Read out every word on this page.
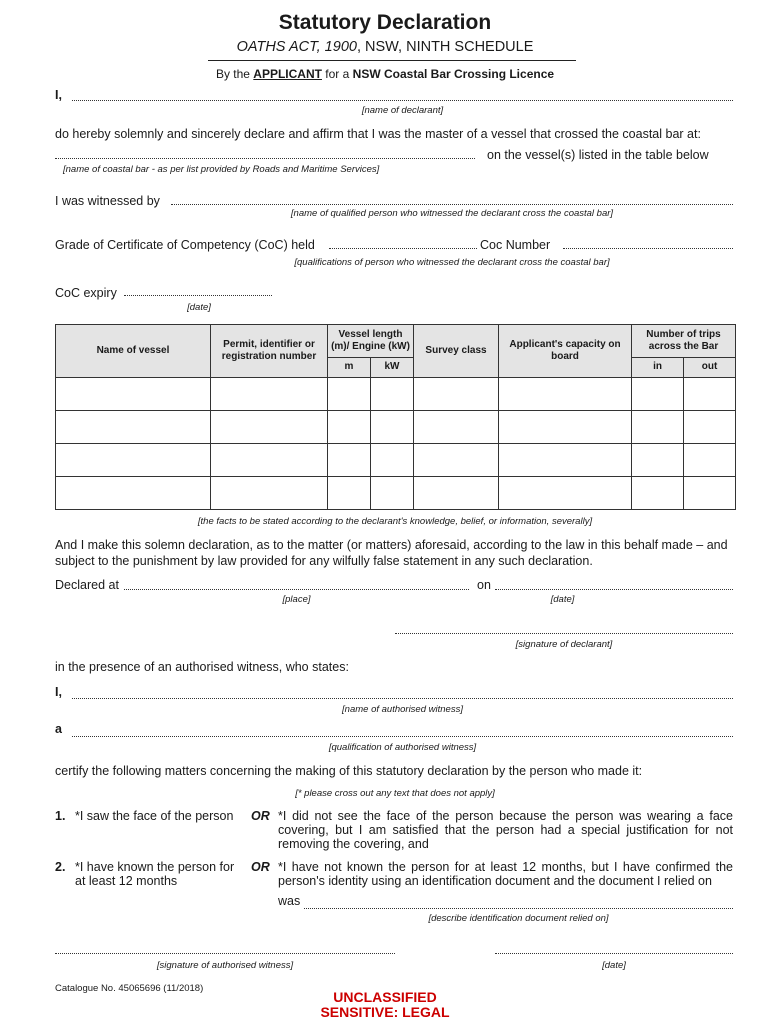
Statutory Declaration
OATHS ACT, 1900, NSW, NINTH SCHEDULE
By the APPLICANT for a NSW Coastal Bar Crossing Licence
I,
[name of declarant]
do hereby solemnly and sincerely declare and affirm that I was the master of a vessel that crossed the coastal bar at:
on the vessel(s) listed in the table below
[name of coastal bar - as per list provided by Roads and Maritime Services]
I was witnessed by
[name of qualified person who witnessed the declarant cross the coastal bar]
Grade of Certificate of Competency (CoC) held	Coc Number
[qualifications of person who witnessed the declarant cross the coastal bar]
CoC expiry
[date]
Name of vessel	Permit, identifier or registration number	Vessel length (m)/ Engine (kW)		Survey class	Applicant's capacity on board	Number of trips across the Bar	
		m	kW			in	out

[the facts to be stated according to the declarant's knowledge, belief, or information, severally]
And I make this solemn declaration, as to the matter (or matters) aforesaid, according to the law in this behalf made – and subject to the punishment by law provided for any wilfully false statement in any such declaration.
Declared at	on
[place]	[date]
[signature of declarant]
in the presence of an authorised witness, who states:
I,
[name of authorised witness]
a
[qualification of authorised witness]
certify the following matters concerning the making of this statutory declaration by the person who made it:
[* please cross out any text that does not apply]
1. *I saw the face of the person OR *I did not see the face of the person because the person was wearing a face covering, but I am satisfied that the person had a special justification for not removing the covering, and
2. *I have known the person for at least 12 months
OR *I have not known the person for at least 12 months, but I have confirmed the person's identity using an identification document and the document I relied on
was
[describe identification document relied on]
[signature of authorised witness]	[date]
Catalogue No. 45065696 (11/2018)
UNCLASSIFIED
SENSITIVE: LEGAL
